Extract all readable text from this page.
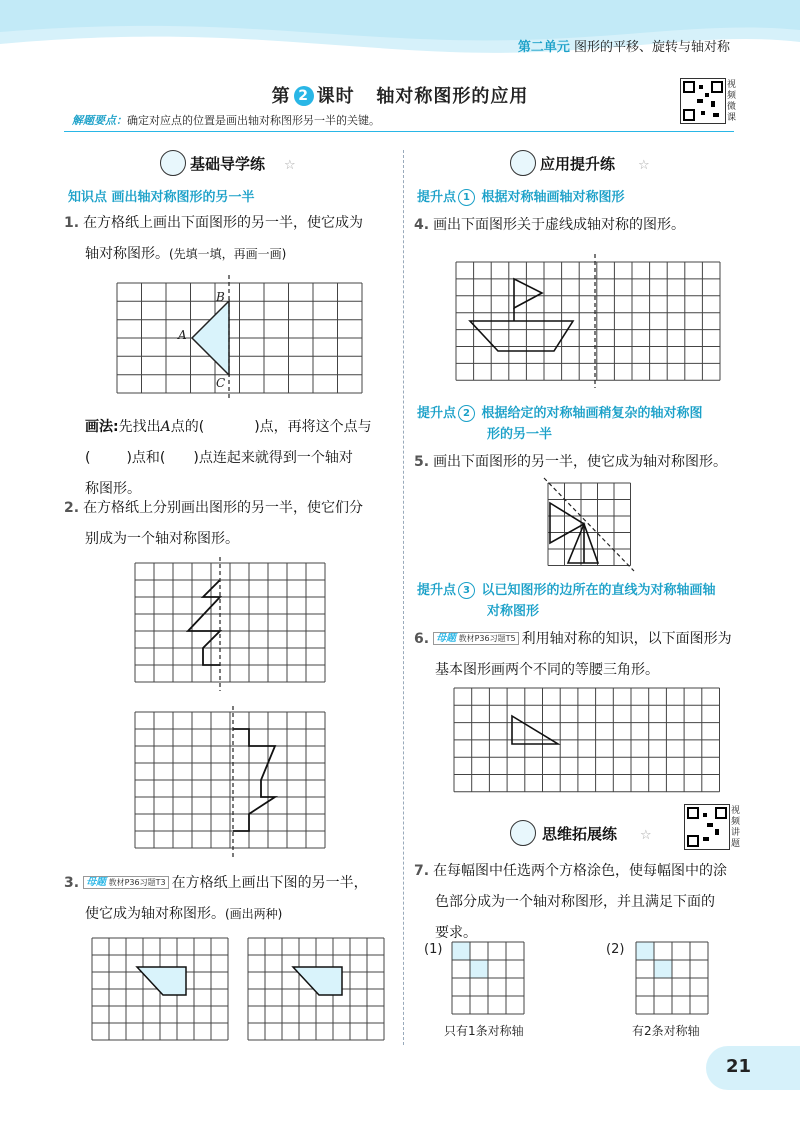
第二单元 图形的平移、旋转与轴对称
第 2 课时 轴对称图形的应用
视频微课
解题要点：确定对应点的位置是画出轴对称图形另一半的关键。
基础导学练 ☆
知识点 画出轴对称图形的另一半
1. 在方格纸上画出下面图形的另一半，使它成为
轴对称图形。(先填一填，再画一画)
B
A
C
画法:先找出A点的(	)点，再将这个点与
(	)点和( )点连起来就得到一个轴对
称图形。
2. 在方格纸上分别画出图形的另一半，使它们分
别成为一个轴对称图形。
3. 母题 教材P36习题T3 在方格纸上画出下图的另一半，
使它成为轴对称图形。(画出两种)
应用提升练 ☆
提升点 1 根据对称轴画轴对称图形
4. 画出下面图形关于虚线成轴对称的图形。
提升点 2 根据给定的对称轴画稍复杂的轴对称图
形的另一半
5. 画出下面图形的另一半，使它成为轴对称图形。
提升点 3 以已知图形的边所在的直线为对称轴画轴
对称图形
6. 母题 教材P36习题T5 利用轴对称的知识，以下面图形为
基本图形画两个不同的等腰三角形。
视频讲题
思维拓展练 ☆
7. 在每幅图中任选两个方格涂色，使每幅图中的涂
色部分成为一个轴对称图形，并且满足下面的
要求。
(1)
只有1条对称轴
(2)
有2条对称轴
21
